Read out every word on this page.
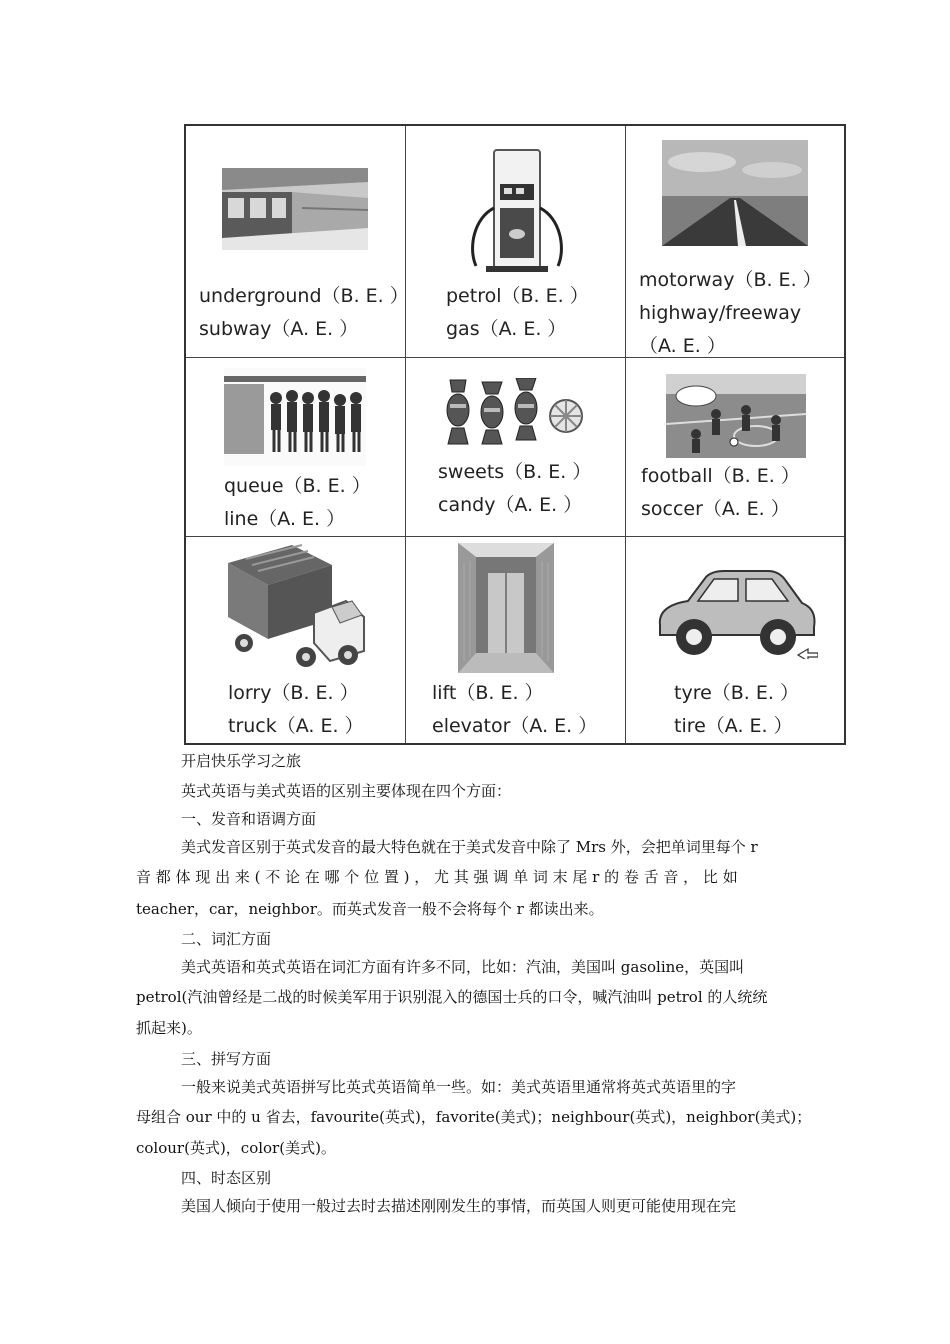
underground（B. E. ）
subway（A. E. ）
petrol（B. E. ）
gas（A. E. ）
motorway（B. E. ）
highway/freeway
（A. E. ）
queue（B. E. ）
line（A. E. ）
sweets（B. E. ）
candy（A. E. ）
football（B. E. ）
soccer（A. E. ）
lorry（B. E. ）
truck（A. E. ）
lift（B. E. ）
elevator（A. E. ）
tyre（B. E. ）
tire（A. E. ）
开启快乐学习之旅
英式英语与美式英语的区别主要体现在四个方面：
一、发音和语调方面
美式发音区别于英式发音的最大特色就在于美式发音中除了 Mrs 外，会把单词里每个 r
音 都 体 现 出 来 ( 不 论 在 哪 个 位 置 ) ， 尤 其 强 调 单 词 末 尾 r 的 卷 舌 音 ， 比 如
teacher，car，neighbor。而英式发音一般不会将每个 r 都读出来。
二、词汇方面
美式英语和英式英语在词汇方面有许多不同，比如：汽油，美国叫 gasoline，英国叫
petrol(汽油曾经是二战的时候美军用于识别混入的德国士兵的口令，喊汽油叫 petrol 的人统统
抓起来)。
三、拼写方面
一般来说美式英语拼写比英式英语简单一些。如：美式英语里通常将英式英语里的字
母组合 our 中的 u 省去，favourite(英式)，favorite(美式)；neighbour(英式)，neighbor(美式)；
colour(英式)，color(美式)。
四、时态区别
美国人倾向于使用一般过去时去描述刚刚发生的事情，而英国人则更可能使用现在完
